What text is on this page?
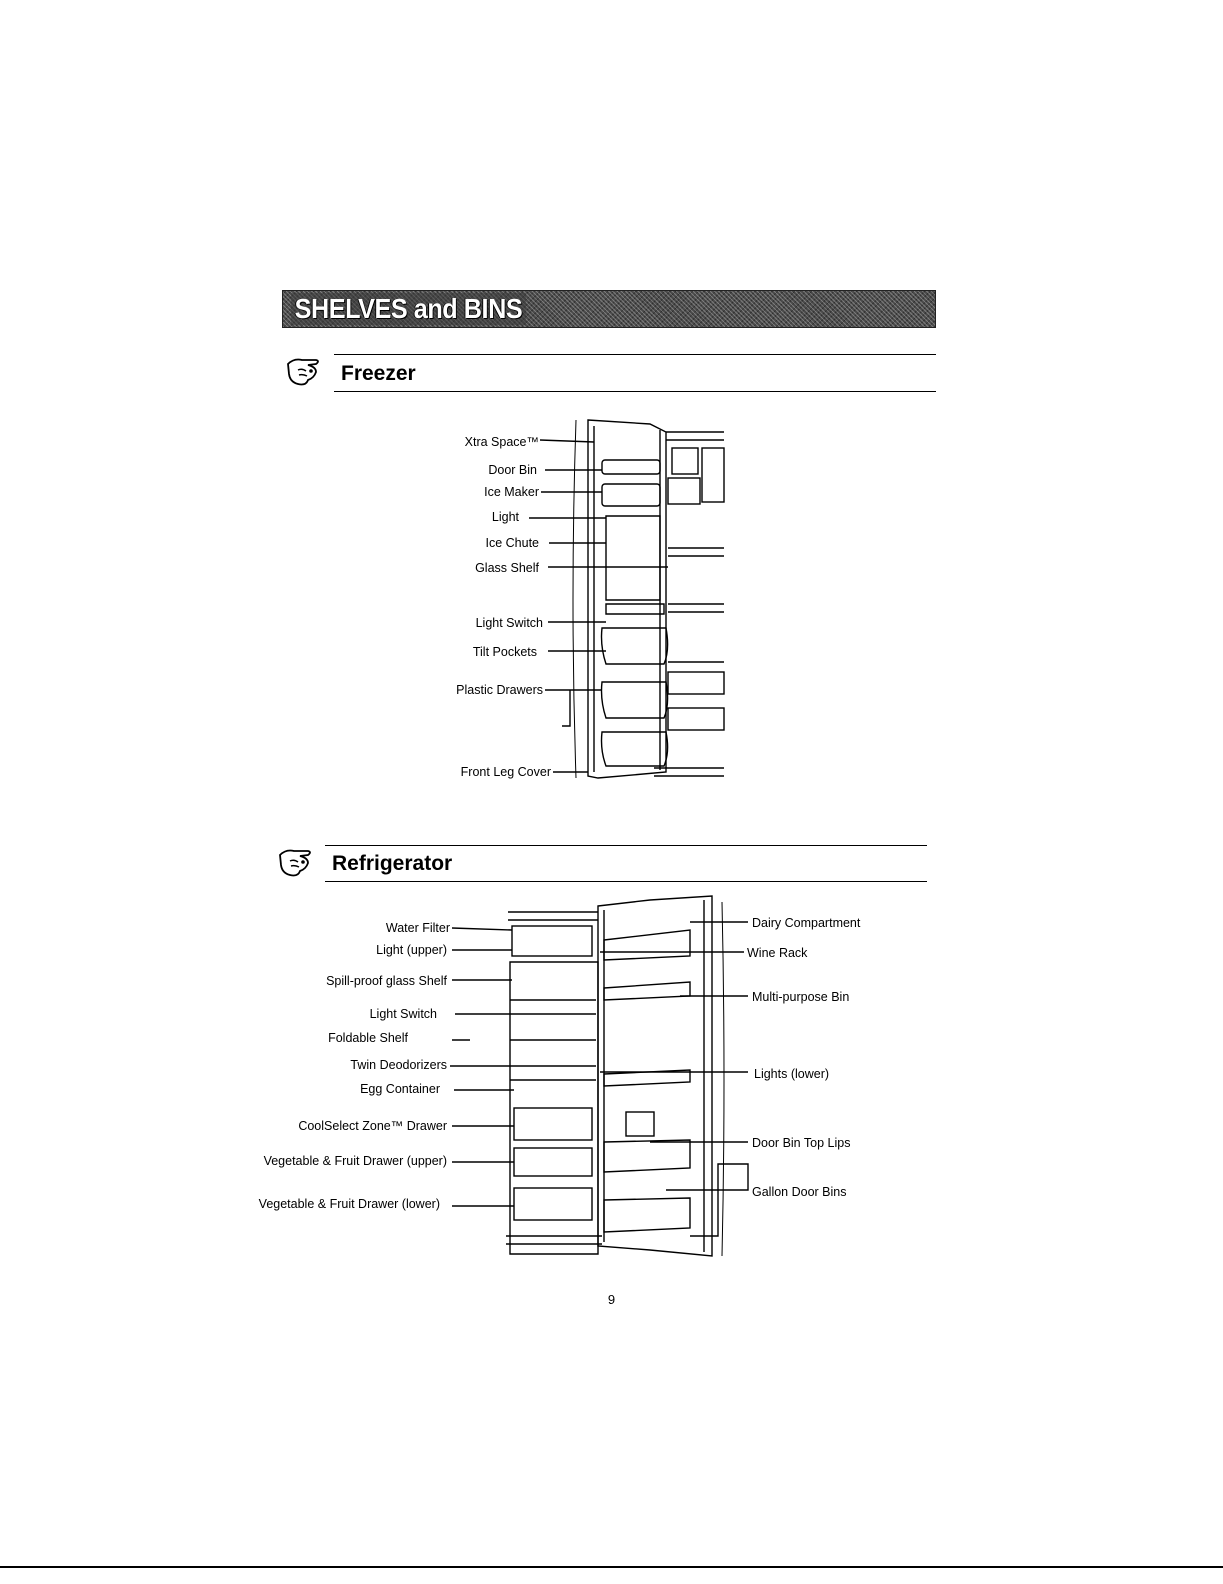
SHELVES and BINS
Freezer
Refrigerator
Xtra Space™
Door Bin
Ice Maker
Light
Ice Chute
Glass Shelf
Light Switch
Tilt Pockets
Plastic Drawers
Front Leg Cover
Water Filter
Light (upper)
Spill-proof glass Shelf
Light Switch
Foldable Shelf
Twin Deodorizers
Egg Container
CoolSelect Zone™ Drawer
Vegetable & Fruit Drawer (upper)
Vegetable & Fruit Drawer (lower)
Dairy Compartment
Wine Rack
Multi-purpose Bin
Lights (lower)
Door Bin Top Lips
Gallon Door Bins
9
